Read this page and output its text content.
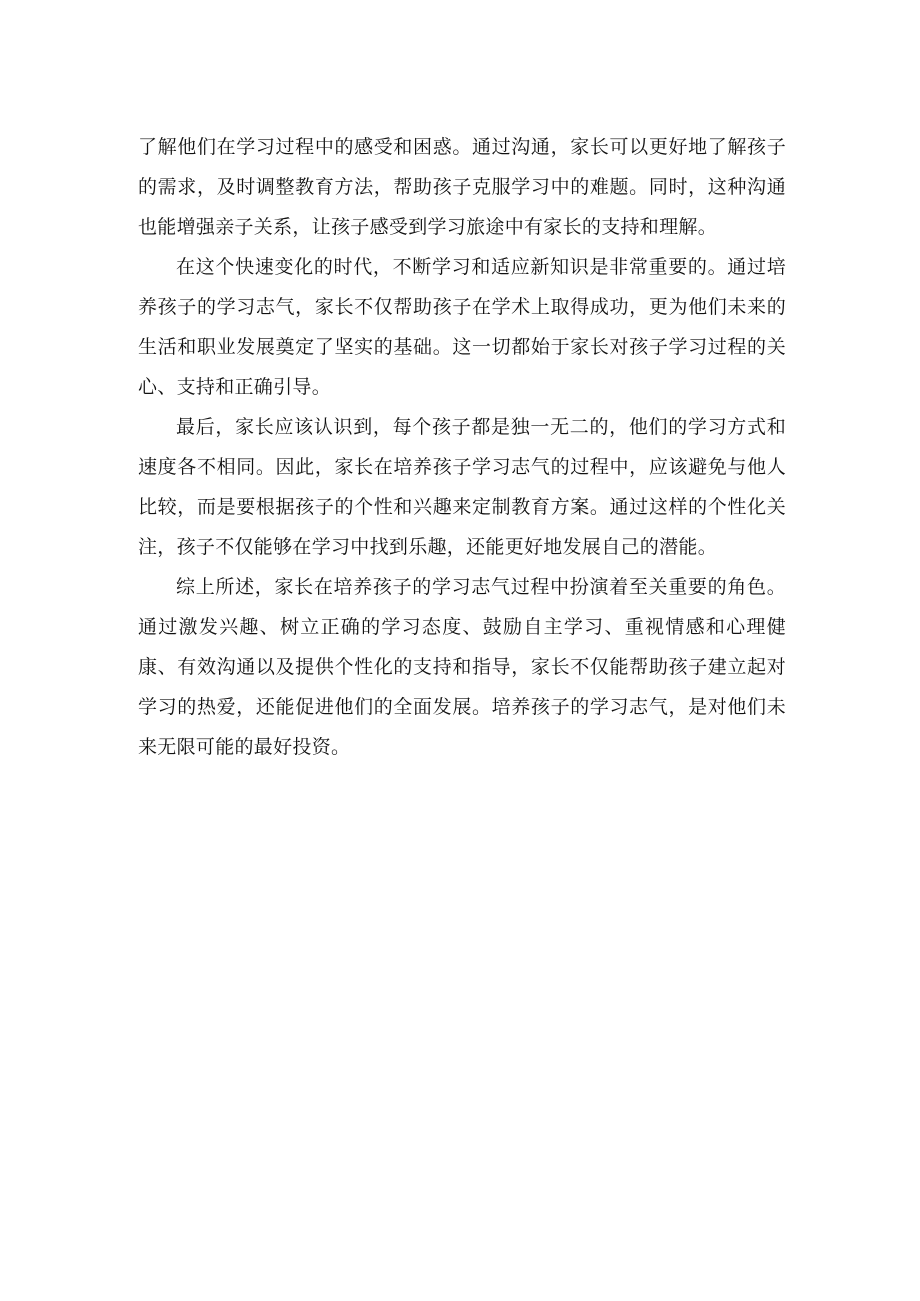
了解他们在学习过程中的感受和困惑。通过沟通，家长可以更好地了解孩子的需求，及时调整教育方法，帮助孩子克服学习中的难题。同时，这种沟通也能增强亲子关系，让孩子感受到学习旅途中有家长的支持和理解。

在这个快速变化的时代，不断学习和适应新知识是非常重要的。通过培养孩子的学习志气，家长不仅帮助孩子在学术上取得成功，更为他们未来的生活和职业发展奠定了坚实的基础。这一切都始于家长对孩子学习过程的关心、支持和正确引导。

最后，家长应该认识到，每个孩子都是独一无二的，他们的学习方式和速度各不相同。因此，家长在培养孩子学习志气的过程中，应该避免与他人比较，而是要根据孩子的个性和兴趣来定制教育方案。通过这样的个性化关注，孩子不仅能够在学习中找到乐趣，还能更好地发展自己的潜能。

综上所述，家长在培养孩子的学习志气过程中扮演着至关重要的角色。通过激发兴趣、树立正确的学习态度、鼓励自主学习、重视情感和心理健康、有效沟通以及提供个性化的支持和指导，家长不仅能帮助孩子建立起对学习的热爱，还能促进他们的全面发展。培养孩子的学习志气，是对他们未来无限可能的最好投资。
